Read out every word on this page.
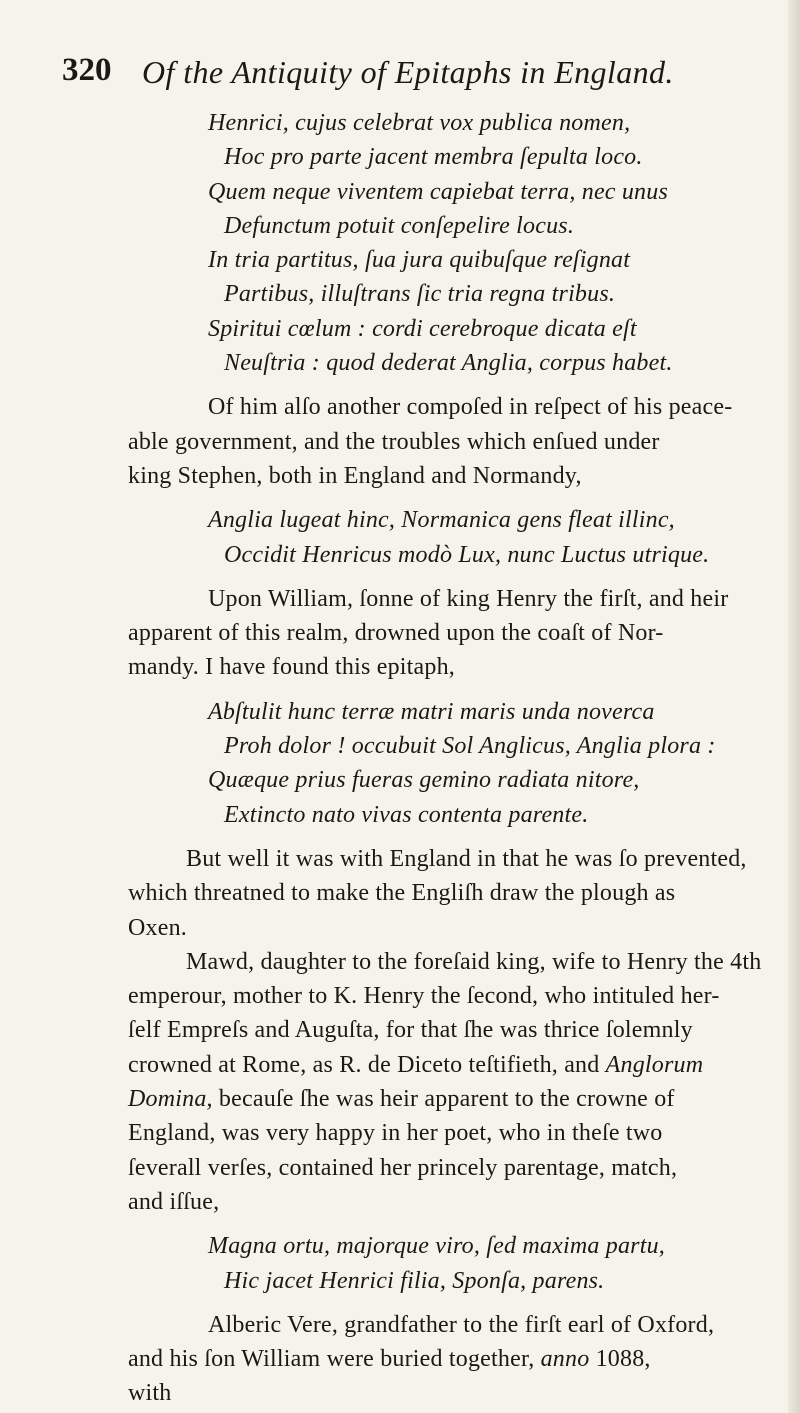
320 Of the Antiquity of Epitaphs in England.
Henrici, cujus celebrat vox publica nomen,
Hoc pro parte jacent membra ſepulta loco.
Quem neque viventem capiebat terra, nec unus
Defunctum potuit conſepelire locus.
In tria partitus, ſua jura quibuſque reſignat
Partibus, illuſtrans ſic tria regna tribus.
Spiritui cœlum : cordi cerebroque dicata eſt
Neuſtria : quod dederat Anglia, corpus habet.
Of him alſo another compoſed in reſpect of his peace-
able government, and the troubles which enſued under
king Stephen, both in England and Normandy,
Anglia lugeat hinc, Normanica gens fleat illinc,
Occidit Henricus modò Lux, nunc Luctus utrique.
Upon William, ſonne of king Henry the firſt, and heir
apparent of this realm, drowned upon the coaſt of Nor-
mandy. I have found this epitaph,
Abſtulit hunc terræ matri maris unda noverca
Proh dolor ! occubuit Sol Anglicus, Anglia plora :
Quæque prius fueras gemino radiata nitore,
Extincto nato vivas contenta parente.
But well it was with England in that he was ſo prevented,
which threatned to make the Engliſh draw the plough as
Oxen.
Mawd, daughter to the foreſaid king, wife to Henry the 4th
emperour, mother to K. Henry the ſecond, who intituled her-
ſelf Empreſs and Auguſta, for that ſhe was thrice ſolemnly
crowned at Rome, as R. de Diceto teſtifieth, and Anglorum
Domina, becauſe ſhe was heir apparent to the crowne of
England, was very happy in her poet, who in theſe two
ſeverall verſes, contained her princely parentage, match,
and iſſue,
Magna ortu, majorque viro, ſed maxima partu,
Hic jacet Henrici filia, Sponſa, parens.
Alberic Vere, grandfather to the firſt earl of Oxford,
and his ſon William were buried together, anno 1088,
with
